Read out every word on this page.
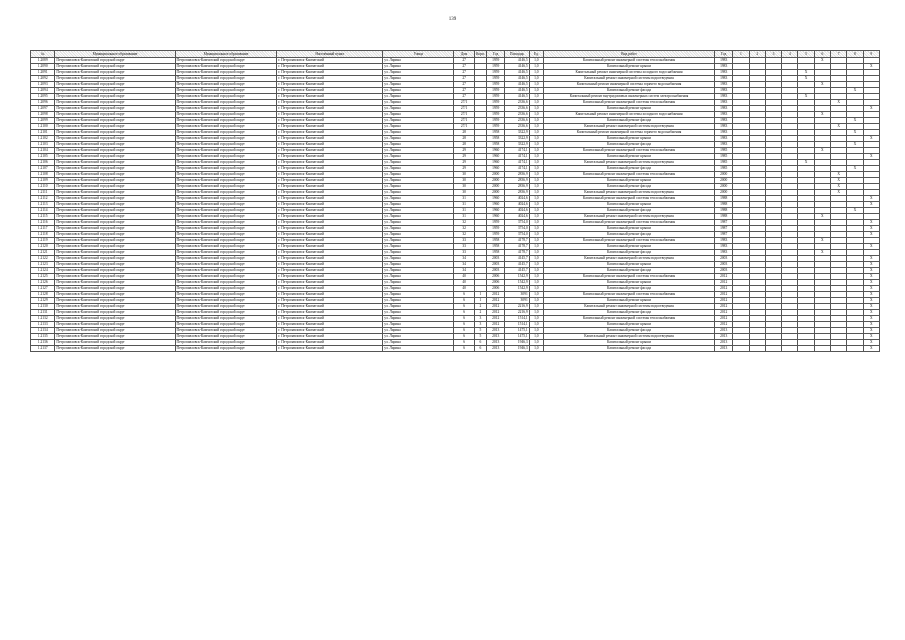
139
№	Муниципальное образование	Муниципальное образование	Населённый пункт	Улица	Дом	Корп.	Год	Площадь	Ед.	Вид работ	Год	1	2	3	4	5	6	7	8	9
1.2089	Петропавловск-Камчатский городской округ	Петропавловск-Камчатский городской округ	г. Петропавловск-Камчатский	ул. Ларина	27		1959	4146,5	1,0	Капитальный ремонт инженерной системы теплоснабжения	1983						X			
1.2090	Петропавловск-Камчатский городской округ	Петропавловск-Камчатский городской округ	г. Петропавловск-Камчатский	ул. Ларина	27		1959	4146,5	1,0	Капитальный ремонт крыши	1983									X
1.2091	Петропавловск-Камчатский городской округ	Петропавловск-Камчатский городской округ	г. Петропавловск-Камчатский	ул. Ларина	27		1959	4146,5	1,0	Капитальный ремонт инженерной системы холодного водоснабжения	1983					X				
1.2092	Петропавловск-Камчатский городской округ	Петропавловск-Камчатский городской округ	г. Петропавловск-Камчатский	ул. Ларина	27		1959	4146,5	1,0	Капитальный ремонт инженерной системы водоотведения	1983					X				
1.2093	Петропавловск-Камчатский городской округ	Петропавловск-Камчатский городской округ	г. Петропавловск-Камчатский	ул. Ларина	27		1959	4146,5	1,0	Капитальный ремонт инженерной системы горячего водоснабжения	1983						X			
1.2094	Петропавловск-Камчатский городской округ	Петропавловск-Камчатский городской округ	г. Петропавловск-Камчатский	ул. Ларина	27		1959	4146,5	1,0	Капитальный ремонт фасада	1983								X	
1.2095	Петропавловск-Камчатский городской округ	Петропавловск-Камчатский городской округ	г. Петропавловск-Камчатский	ул. Ларина	27		1959	4146,5	1,0	Капитальный ремонт внутридомовых инженерных систем электроснабжения	1983					X				
1.2096	Петропавловск-Камчатский городской округ	Петропавловск-Камчатский городской округ	г. Петропавловск-Камчатский	ул. Ларина	27/1		1959	2336,6	1,0	Капитальный ремонт инженерной системы теплоснабжения	1983							X		
1.2097	Петропавловск-Камчатский городской округ	Петропавловск-Камчатский городской округ	г. Петропавловск-Камчатский	ул. Ларина	27/1		1959	2336,6	1,0	Капитальный ремонт крыши	1983									X
1.2098	Петропавловск-Камчатский городской округ	Петропавловск-Камчатский городской округ	г. Петропавловск-Камчатский	ул. Ларина	27/1		1959	2336,6	1,0	Капитальный ремонт инженерной системы холодного водоснабжения	1983						X			
1.2099	Петропавловск-Камчатский городской округ	Петропавловск-Камчатский городской округ	г. Петропавловск-Камчатский	ул. Ларина	27/1		1959	2336,6	1,0	Капитальный ремонт фасада	1983								X	
1.2100	Петропавловск-Камчатский городской округ	Петропавловск-Камчатский городской округ	г. Петропавловск-Камчатский	ул. Ларина	27/1		1959	2336,6	1,0	Капитальный ремонт инженерной системы водоотведения	1983							X		
1.2101	Петропавловск-Камчатский городской округ	Петропавловск-Камчатский городской округ	г. Петропавловск-Камчатский	ул. Ларина	28		1958	3322,9	1,0	Капитальный ремонт инженерной системы горячего водоснабжения	1983								X	
1.2102	Петропавловск-Камчатский городской округ	Петропавловск-Камчатский городской округ	г. Петропавловск-Камчатский	ул. Ларина	28		1958	3322,9	1,0	Капитальный ремонт крыши	1983									X
1.2103	Петропавловск-Камчатский городской округ	Петропавловск-Камчатский городской округ	г. Петропавловск-Камчатский	ул. Ларина	28		1958	3322,9	1,0	Капитальный ремонт фасада	1983								X	
1.2104	Петропавловск-Камчатский городской округ	Петропавловск-Камчатский городской округ	г. Петропавловск-Камчатский	ул. Ларина	29		1960	4174,1	1,0	Капитальный ремонт инженерной системы теплоснабжения	1985						X			
1.2105	Петропавловск-Камчатский городской округ	Петропавловск-Камчатский городской округ	г. Петропавловск-Камчатский	ул. Ларина	29		1960	4174,1	1,0	Капитальный ремонт крыши	1985									X
1.2106	Петропавловск-Камчатский городской округ	Петропавловск-Камчатский городской округ	г. Петропавловск-Камчатский	ул. Ларина	29		1960	4174,1	1,0	Капитальный ремонт инженерной системы водоотведения	1985					X				
1.2107	Петропавловск-Камчатский городской округ	Петропавловск-Камчатский городской округ	г. Петропавловск-Камчатский	ул. Ларина	29		1960	4174,1	1,0	Капитальный ремонт фасада	1985								X	
1.2108	Петропавловск-Камчатский городской округ	Петропавловск-Камчатский городской округ	г. Петропавловск-Камчатский	ул. Ларина	30		2000	2836,9	1,0	Капитальный ремонт инженерной системы теплоснабжения	2000							X		
1.2109	Петропавловск-Камчатский городской округ	Петропавловск-Камчатский городской округ	г. Петропавловск-Камчатский	ул. Ларина	30		2000	2836,9	1,0	Капитальный ремонт крыши	2000							X		
1.2110	Петропавловск-Камчатский городской округ	Петропавловск-Камчатский городской округ	г. Петропавловск-Камчатский	ул. Ларина	30		2000	2836,9	1,0	Капитальный ремонт фасада	2000							X		
1.2111	Петропавловск-Камчатский городской округ	Петропавловск-Камчатский городской округ	г. Петропавловск-Камчатский	ул. Ларина	30		2000	2836,9	1,0	Капитальный ремонт инженерной системы водоотведения	2000							X		
1.2112	Петропавловск-Камчатский городской округ	Петропавловск-Камчатский городской округ	г. Петропавловск-Камчатский	ул. Ларина	31		1960	4024,6	1,0	Капитальный ремонт инженерной системы теплоснабжения	1988									X
1.2113	Петропавловск-Камчатский городской округ	Петропавловск-Камчатский городской округ	г. Петропавловск-Камчатский	ул. Ларина	31		1960	4024,6	1,0	Капитальный ремонт крыши	1988									X
1.2114	Петропавловск-Камчатский городской округ	Петропавловск-Камчатский городской округ	г. Петропавловск-Камчатский	ул. Ларина	31		1960	4024,6	1,0	Капитальный ремонт фасада	1988								X	
1.2115	Петропавловск-Камчатский городской округ	Петропавловск-Камчатский городской округ	г. Петропавловск-Камчатский	ул. Ларина	31		1960	4024,6	1,0	Капитальный ремонт инженерной системы водоотведения	1988						X			
1.2116	Петропавловск-Камчатский городской округ	Петропавловск-Камчатский городской округ	г. Петропавловск-Камчатский	ул. Ларина	32		1959	3754,0	1,0	Капитальный ремонт инженерной системы теплоснабжения	1987									X
1.2117	Петропавловск-Камчатский городской округ	Петропавловск-Камчатский городской округ	г. Петропавловск-Камчатский	ул. Ларина	32		1959	3754,0	1,0	Капитальный ремонт крыши	1987									X
1.2118	Петропавловск-Камчатский городской округ	Петропавловск-Камчатский городской округ	г. Петропавловск-Камчатский	ул. Ларина	32		1959	3754,0	1,0	Капитальный ремонт фасада	1987									X
1.2119	Петропавловск-Камчатский городской округ	Петропавловск-Камчатский городской округ	г. Петропавловск-Камчатский	ул. Ларина	33		1958	4178,7	1,0	Капитальный ремонт инженерной системы теплоснабжения	1983						X			
1.2120	Петропавловск-Камчатский городской округ	Петропавловск-Камчатский городской округ	г. Петропавловск-Камчатский	ул. Ларина	33		1958	4178,7	1,0	Капитальный ремонт крыши	1983									X
1.2121	Петропавловск-Камчатский городской округ	Петропавловск-Камчатский городской округ	г. Петропавловск-Камчатский	ул. Ларина	33		1958	4178,7	1,0	Капитальный ремонт фасада	1983						X			
1.2122	Петропавловск-Камчатский городской округ	Петропавловск-Камчатский городской округ	г. Петропавловск-Камчатский	ул. Ларина	34		2003	4145,7	1,0	Капитальный ремонт инженерной системы водоотведения	2003									X
1.2123	Петропавловск-Камчатский городской округ	Петропавловск-Камчатский городской округ	г. Петропавловск-Камчатский	ул. Ларина	34		2003	4145,7	1,0	Капитальный ремонт крыши	2003									X
1.2124	Петропавловск-Камчатский городской округ	Петропавловск-Камчатский городской округ	г. Петропавловск-Камчатский	ул. Ларина	34		2003	4145,7	1,0	Капитальный ремонт фасада	2003									X
1.2125	Петропавловск-Камчатский городской округ	Петропавловск-Камчатский городской округ	г. Петропавловск-Камчатский	ул. Ларина	40		2006	1542,9	1,0	Капитальный ремонт инженерной системы теплоснабжения	2012									X
1.2126	Петропавловск-Камчатский городской округ	Петропавловск-Камчатский городской округ	г. Петропавловск-Камчатский	ул. Ларина	40		2006	1542,9	1,0	Капитальный ремонт крыши	2012									X
1.2127	Петропавловск-Камчатский городской округ	Петропавловск-Камчатский городской округ	г. Петропавловск-Камчатский	ул. Ларина	40		2006	1542,9	1,0	Капитальный ремонт фасада	2012									X
1.2128	Петропавловск-Камчатский городской округ	Петропавловск-Камчатский городской округ	г. Петропавловск-Камчатский	ул. Ларина	6	1	2012	3091	1,0	Капитальный ремонт инженерной системы теплоснабжения	2012									X
1.2129	Петропавловск-Камчатский городской округ	Петропавловск-Камчатский городской округ	г. Петропавловск-Камчатский	ул. Ларина	6	1	2012	3091	1,0	Капитальный ремонт крыши	2012									X
1.2130	Петропавловск-Камчатский городской округ	Петропавловск-Камчатский городской округ	г. Петропавловск-Камчатский	ул. Ларина	6	2	2012	2216,9	1,0	Капитальный ремонт инженерной системы водоотведения	2012									X
1.2131	Петропавловск-Камчатский городской округ	Петропавловск-Камчатский городской округ	г. Петропавловск-Камчатский	ул. Ларина	6	2	2012	2216,9	1,0	Капитальный ремонт фасада	2012									X
1.2132	Петропавловск-Камчатский городской округ	Петропавловск-Камчатский городской округ	г. Петропавловск-Камчатский	ул. Ларина	6	3	2012	1514,1	1,0	Капитальный ремонт инженерной системы теплоснабжения	2012									X
1.2133	Петропавловск-Камчатский городской округ	Петропавловск-Камчатский городской округ	г. Петропавловск-Камчатский	ул. Ларина	6	3	2012	1514,1	1,0	Капитальный ремонт крыши	2012									X
1.2134	Петропавловск-Камчатский городской округ	Петропавловск-Камчатский городской округ	г. Петропавловск-Камчатский	ул. Ларина	6	5	2013	1475,1	1,0	Капитальный ремонт фасада	2013									X
1.2135	Петропавловск-Камчатский городской округ	Петропавловск-Камчатский городской округ	г. Петропавловск-Камчатский	ул. Ларина	6	5	2013	1475,1	1,0	Капитальный ремонт инженерной системы водоотведения	2013									X
1.2136	Петропавловск-Камчатский городской округ	Петропавловск-Камчатский городской округ	г. Петропавловск-Камчатский	ул. Ларина	6	6	2013	1946,3	1,0	Капитальный ремонт крыши	2013									X
1.2137	Петропавловск-Камчатский городской округ	Петропавловск-Камчатский городской округ	г. Петропавловск-Камчатский	ул. Ларина	6	6	2013	1946,3	1,0	Капитальный ремонт фасада	2013									X
